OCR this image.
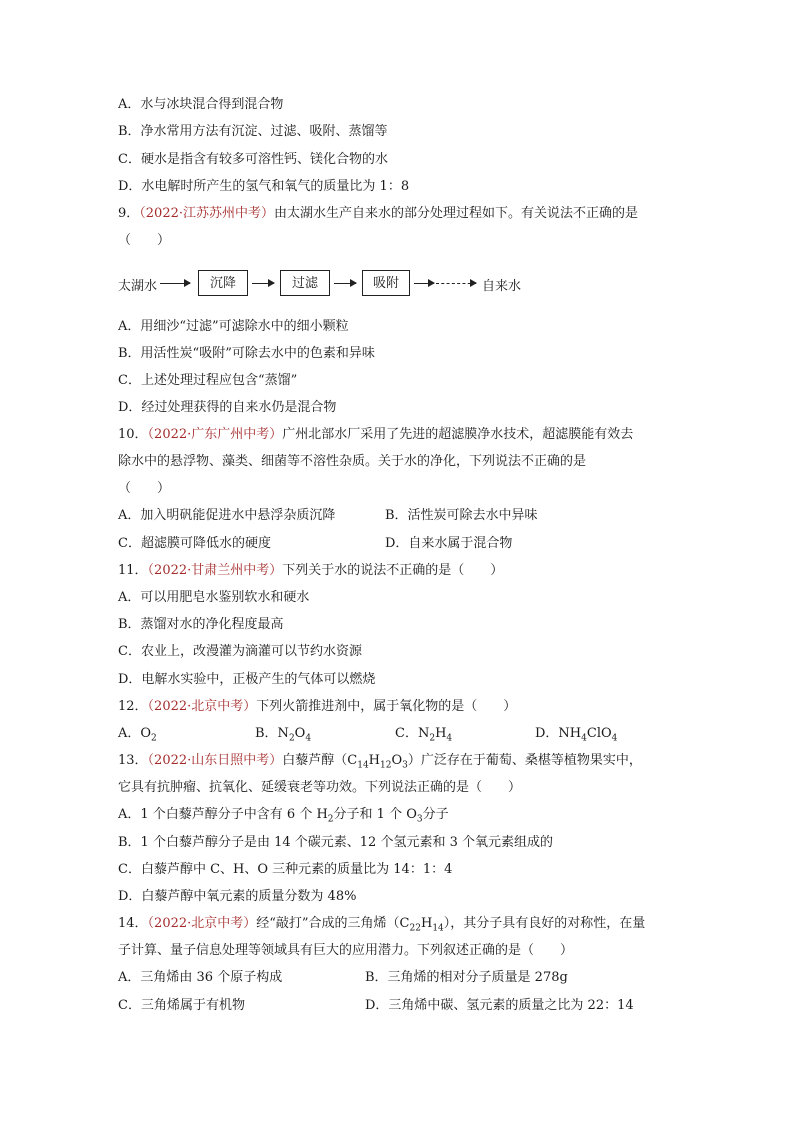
A．水与冰块混合得到混合物
B．净水常用方法有沉淀、过滤、吸附、蒸馏等
C．硬水是指含有较多可溶性钙、镁化合物的水
D．水电解时所产生的氢气和氧气的质量比为 1：8
9．（2022·江苏苏州中考）由太湖水生产自来水的部分处理过程如下。有关说法不正确的是
（　　）
太湖水	沉降	过滤	吸附	自来水
A．用细沙“过滤”可滤除水中的细小颗粒
B．用活性炭“吸附”可除去水中的色素和异味
C．上述处理过程应包含“蒸馏”
D．经过处理获得的自来水仍是混合物
10．（2022·广东广州中考）广州北部水厂采用了先进的超滤膜净水技术，超滤膜能有效去
除水中的悬浮物、藻类、细菌等不溶性杂质。关于水的净化，下列说法不正确的是
（　　）
A．加入明矾能促进水中悬浮杂质沉降	B．活性炭可除去水中异味
C．超滤膜可降低水的硬度	D．自来水属于混合物
11．（2022·甘肃兰州中考）下列关于水的说法不正确的是（　　）
A．可以用肥皂水鉴别软水和硬水
B．蒸馏对水的净化程度最高
C．农业上，改漫灌为滴灌可以节约水资源
D．电解水实验中，正极产生的气体可以燃烧
12．（2022·北京中考）下列火箭推进剂中，属于氧化物的是（　　）
A．$O_2$	B．$N_2O_4$	C．$N_2H_4$	D．$NH_4ClO_4$
13．（2022·山东日照中考）白藜芦醇$(C_{14}H_{12}O_3)$广泛存在于葡萄、桑椹等植物果实中，
它具有抗肿瘤、抗氧化、延缓衰老等功效。下列说法正确的是（　　）
A．1 个白藜芦醇分子中含有 6 个 $H_2$分子和 1 个 $O_3$分子
B．1 个白藜芦醇分子是由 14 个碳元素、12 个氢元素和 3 个氧元素组成的
C．白藜芦醇中 C、H、O 三种元素的质量比为 14：1：4
D．白藜芦醇中氧元素的质量分数为 48%
14．（2022·北京中考）经“敲打”合成的三角烯$(C_{22}H_{14})$，其分子具有良好的对称性，在量
子计算、量子信息处理等领域具有巨大的应用潜力。下列叙述正确的是（　　）
A．三角烯由 36 个原子构成	B．三角烯的相对分子质量是 278g
C．三角烯属于有机物	D．三角烯中碳、氢元素的质量之比为 22：14
